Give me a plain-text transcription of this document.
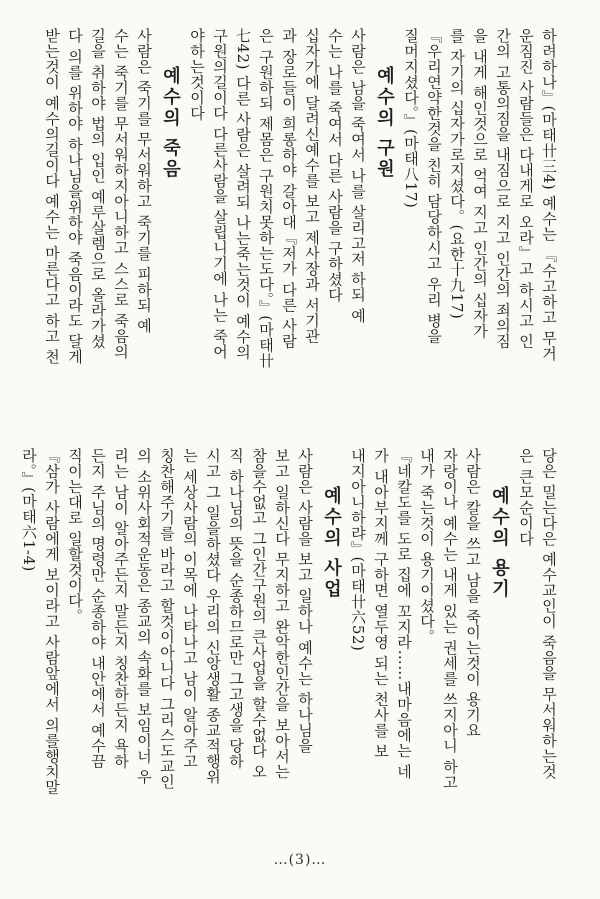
하려하나』(마태卄三4) 예수는 『수고하고 무거
운짐진 사람들은 다내게로 오라』고 하시고 인
간의 고통의짐을 내짐으로 지고 인간의 죄의짐
을 내게 해인것으로 억여 지고 인간의 십자가
를 자기의 십자가로지셨다。(요한十九17)
『우리연약한것을 친히 담당하시고 우리 병을
질머지셨다。』(마태八17)
예수의 구원
사람은 남을 죽여서 나를 살리고저 하되 예
수는 나를 죽여서 다른 사람을 구하셨다
십자가에 달려신예수를 보고 제사장과 서기관
과 장로들이 희롱하야 갈아대『저가 다른 사람
은 구원하되 제몸은 구원치못하는도다。』(마태卄
七42) 다른 사람은 살려되 나는죽는것이 예수의
구원의길이다 다른사람을 살립니기에 나는 죽어
야하는것이다
예수의 죽음
사람은 죽기를 무서워하고 죽기를 피하되 예
수는 죽기를 무서워하지아니하고 스스로 죽음의
길을 취하야 법의 입인 예루살렘으로 올라가셨
다 의를 위하야 하나님을위하야 죽음이라도 달게
받는것이 예수의길이다 예수는 마른다고 하고 천
당은 밀는다은 예수교인이 죽음을 무서워하는것
은 큰모순이다
예수의 용기
사람은 칼을 쓰고 남을 죽이는것이 용기요
자랑이나 예수는 내게 있는 권세를 쓰지아니 하고
내가 죽는것이 용기이셨다。
『네칼도를 도로 집에 꼬지라……내마음에는 네
가 내아부지께 구하면 열두영 되는 천사를 보
내지아니하랴』(마태卄六52)
예수의 사업
사람은 사람을 보고 일하나 예수는 하나님을
보고 일하신다 무지하고 완악한인간을 보아서는
참을수없고 그인간구원의 큰사업을 할수없다 오
직 하나님의 뜻을 순종하므로만 그고생을 당하
시고 그 일을하셨다 우리의 신앙생활 종교적행위
는 세상사람의 이목에 나타나고 남이 알아주고
칭찬해주기를 바라고 할것이아니다 그리스도교인
의 소위사회적운동은 종교의 속화를 보임이너 우
리는 남이 알아주든지 말든지 칭찬하든지 욕하
든지 주님의 명령만 순종하야 내안에서 예수끔
직이는대로 일할것이다。
『삼가 사람에게 보이라고 사람앞에서 의를행치말
라。』(마태六1-4)
…(3)…
